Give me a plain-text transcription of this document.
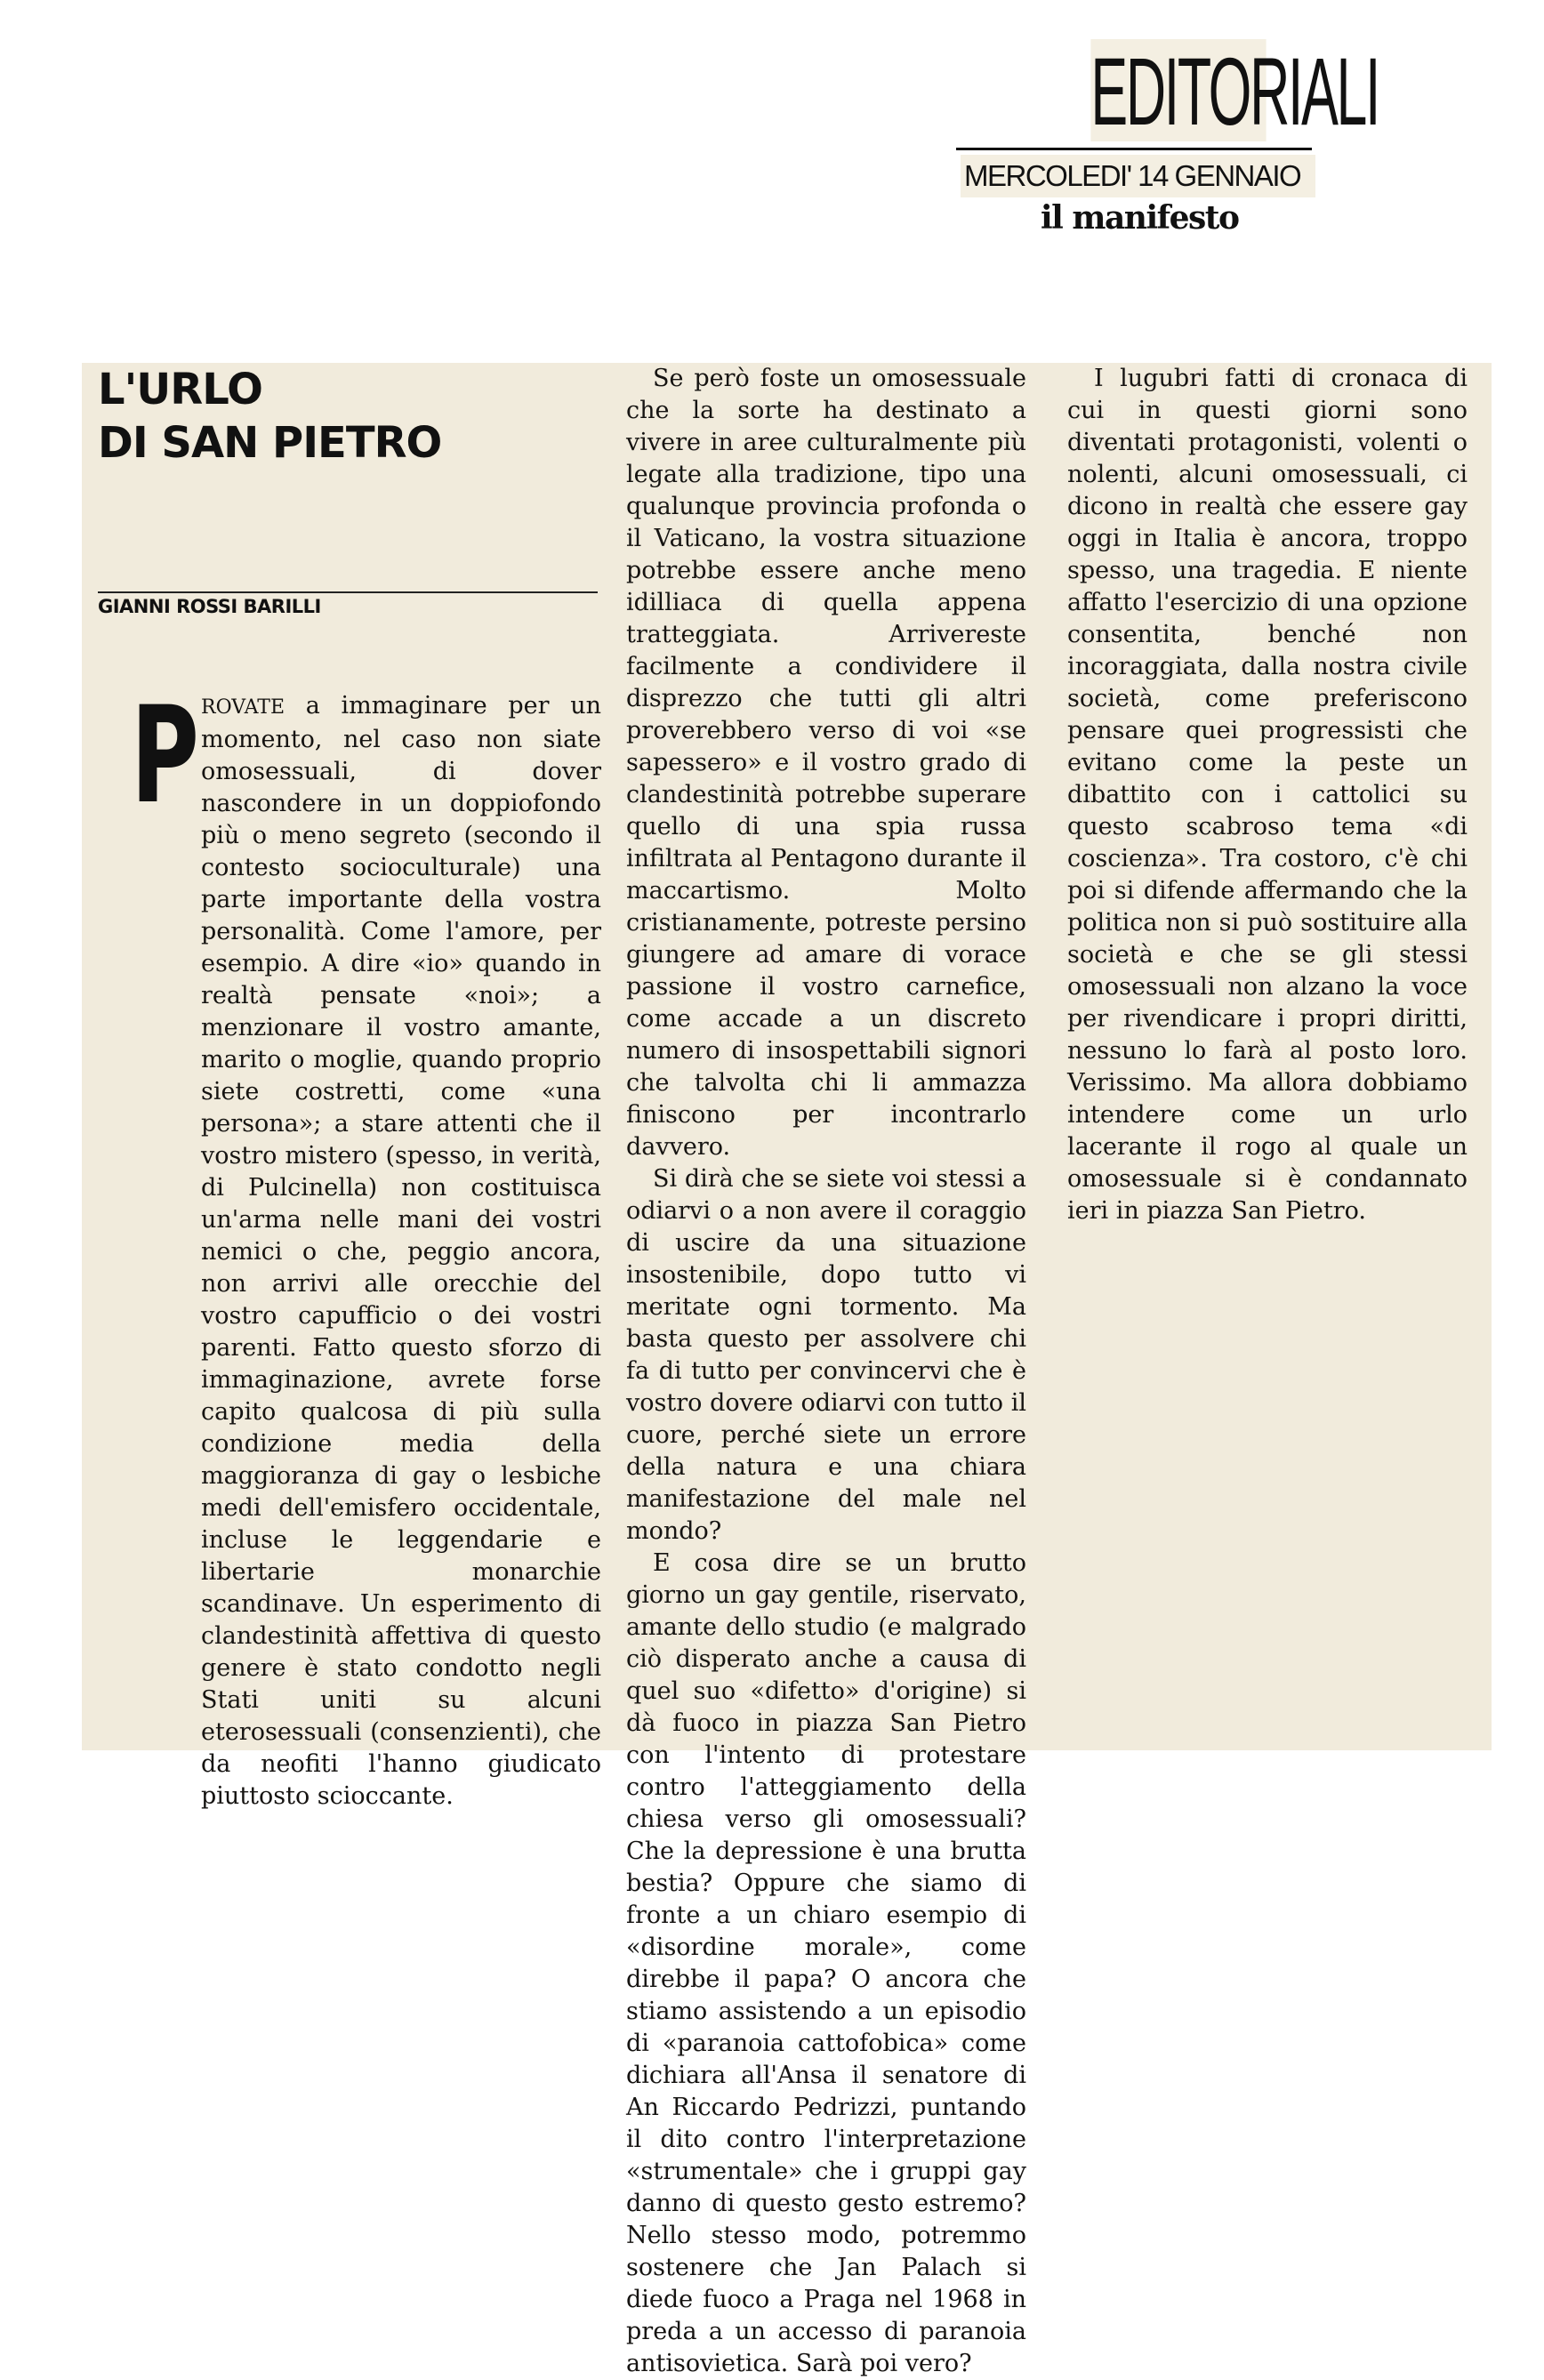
EDITORIALI
MERCOLEDI' 14 GENNAIO
il manifesto
L'URLO
DI SAN PIETRO
GIANNI ROSSI BARILLI
P ROVATE a immaginare per un momento, nel caso non siate omosessuali, di dover nascondere in un doppiofondo più o meno segreto (secondo il contesto socioculturale) una parte importante della vostra personalità. Come l'amore, per esempio. A dire «io» quando in realtà pensate «noi»; a menzionare il vostro amante, marito o moglie, quando proprio siete costretti, come «una persona»; a stare attenti che il vostro mistero (spesso, in verità, di Pulcinella) non costituisca un'arma nelle mani dei vostri nemici o che, peggio ancora, non arrivi alle orecchie del vostro capufficio o dei vostri parenti. Fatto questo sforzo di immaginazione, avrete forse capito qualcosa di più sulla condizione media della maggioranza di gay o lesbiche medi dell'emisfero occidentale, incluse le leggendarie e libertarie monarchie scandinave. Un esperimento di clandestinità affettiva di questo genere è stato condotto negli Stati uniti su alcuni eterosessuali (consenzienti), che da neofiti l'hanno giudicato piuttosto scioccante.

Se però foste un omosessuale che la sorte ha destinato a vivere in aree culturalmente più legate alla tradizione, tipo una qualunque provincia profonda o il Vaticano, la vostra situazione potrebbe essere anche meno idilliaca di quella appena tratteggiata. Arrivereste facilmente a condividere il disprezzo che tutti gli altri proverebbero verso di voi «se sapessero» e il vostro grado di clandestinità potrebbe superare quello di una spia russa infiltrata al Pentagono durante il maccartismo. Molto cristianamente, potreste persino giungere ad amare di vorace passione il vostro carnefice, come accade a un discreto numero di insospettabili signori che talvolta chi li ammazza finiscono per incontrarlo davvero.

Si dirà che se siete voi stessi a odiarvi o a non avere il coraggio di uscire da una situazione insostenibile, dopo tutto vi meritate ogni tormento. Ma basta questo per assolvere chi fa di tutto per convincervi che è vostro dovere odiarvi con tutto il cuore, perché siete un errore della natura e una chiara manifestazione del male nel mondo?

E cosa dire se un brutto giorno un gay gentile, riservato, amante dello studio (e malgrado ciò disperato anche a causa di quel suo «difetto» d'origine) si dà fuoco in piazza San Pietro con l'intento di protestare contro l'atteggiamento della chiesa verso gli omosessuali? Che la depressione è una brutta bestia? Oppure che siamo di fronte a un chiaro esempio di «disordine morale», come direbbe il papa? O ancora che stiamo assistendo a un episodio di «paranoia cattofobica» come dichiara all'Ansa il senatore di An Riccardo Pedrizzi, puntando il dito contro l'interpretazione «strumentale» che i gruppi gay danno di questo gesto estremo? Nello stesso modo, potremmo sostenere che Jan Palach si diede fuoco a Praga nel 1968 in preda a un accesso di paranoia antisovietica. Sarà poi vero?

I lugubri fatti di cronaca di cui in questi giorni sono diventati protagonisti, volenti o nolenti, alcuni omosessuali, ci dicono in realtà che essere gay oggi in Italia è ancora, troppo spesso, una tragedia. E niente affatto l'esercizio di una opzione consentita, benché non incoraggiata, dalla nostra civile società, come preferiscono pensare quei progressisti che evitano come la peste un dibattito con i cattolici su questo scabroso tema «di coscienza». Tra costoro, c'è chi poi si difende affermando che la politica non si può sostituire alla società e che se gli stessi omosessuali non alzano la voce per rivendicare i propri diritti, nessuno lo farà al posto loro. Verissimo. Ma allora dobbiamo intendere come un urlo lacerante il rogo al quale un omosessuale si è condannato ieri in piazza San Pietro.
